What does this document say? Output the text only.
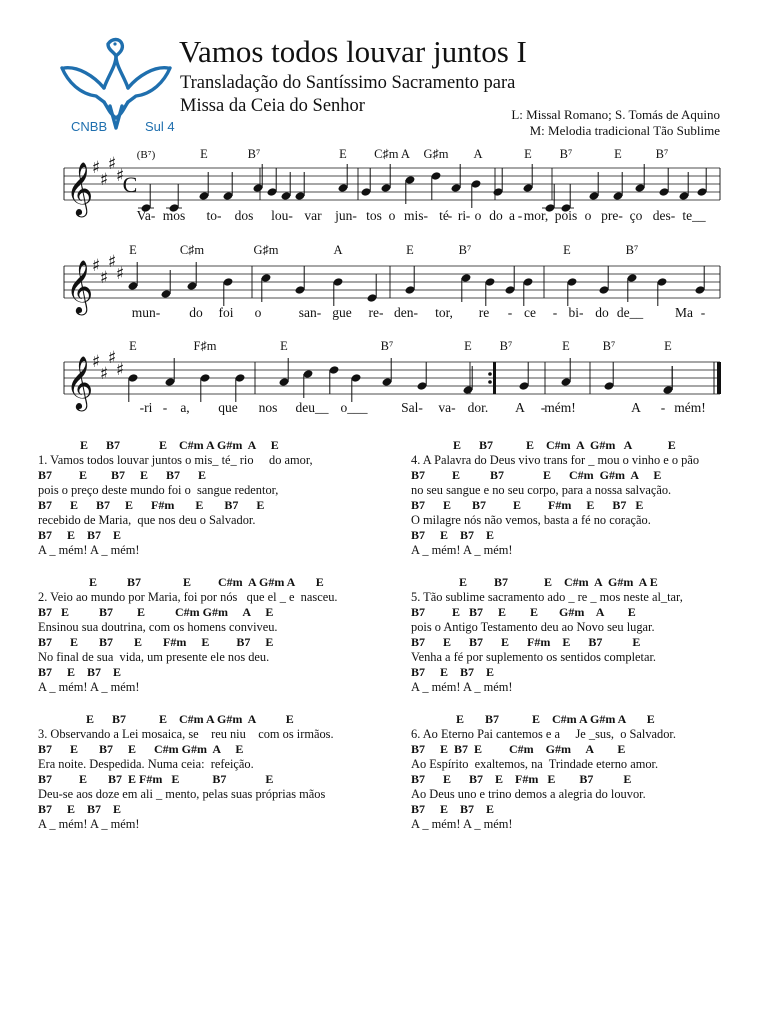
CNBB	Sul 4
Vamos todos louvar juntos I
Transladação do Santíssimo Sacramento para
Missa da Ceia do Senhor	L: Missal Romano; S. Tomás de Aquino
M: Melodia tradicional Tão Sublime
𝄞
♯
♯
♯
♯
C
(B⁷)	E	B⁷	E C♯m A G♯m A	E B⁷	E	B⁷
Va- mos to- dos lou- var jun- tos o mis- té
- ri - o do a - mor, pois o pre- ço des- te__
𝄞
♯
♯
♯
♯
E	C♯m	G♯m	A	E	B⁷	E	B⁷
mun- do foi o	san- gue re- den- tor, re - ce - bi- do de__ Ma -
𝄞
♯
♯
♯
♯
E	F♯m	E	B⁷	E B⁷	E	B⁷	E
-ri - a, que nos deu__ o___ Sal- va- dor. A - mém!	A - mém!
E      B7             E    C#m A G#m  A     E
1. Vamos todos louvar juntos o mis_ té_ rio     do amor,
B7         E        B7     E      B7      E
pois o preço deste mundo foi o  sangue redentor,
B7      E      B7     E      F#m       E       B7      E
recebido de Maria,  que nos deu o Salvador.
B7     E    B7    E
A _ mém! A _ mém!
E          B7              E         C#m  A G#m A       E
2. Veio ao mundo por Maria, foi por nós   que el _ e  nasceu.
B7   E          B7        E          C#m G#m     A     E
Ensinou sua doutrina, com os homens conviveu.
B7      E       B7       E       F#m     E         B7     E
No final de sua  vida, um presente ele nos deu.
B7     E    B7    E
A _ mém! A _ mém!
E      B7           E    C#m A G#m  A          E
3. Observando a Lei mosaica, se    reu niu    com os irmãos.
B7      E       B7     E      C#m G#m  A     E
Era noite. Despedida. Numa ceia:  refeição.
B7         E       B7  E F#m   E           B7             E
Deu-se aos doze em ali _ mento, pelas suas próprias mãos
B7     E    B7    E
A _ mém! A _ mém!
E      B7           E    C#m  A  G#m   A            E
4. A Palavra do Deus vivo trans for _ mou o vinho e o pão
B7         E          B7             E      C#m  G#m  A     E
no seu sangue e no seu corpo, para a nossa salvação.
B7      E       B7         E         F#m     E      B7   E
O milagre nós não vemos, basta a fé no coração.
B7     E    B7    E
A _ mém! A _ mém!
E         B7            E    C#m  A  G#m  A E
5. Tão sublime sacramento ado _ re _ mos neste al_tar,
B7         E   B7     E        E       G#m    A        E
pois o Antigo Testamento deu ao Novo seu lugar.
B7      E      B7      E      F#m    E      B7          E
Venha a fé por suplemento os sentidos completar.
B7     E    B7    E
A _ mém! A _ mém!
E       B7           E    C#m A G#m A       E
6. Ao Eterno Pai cantemos e a     Je _sus,  o Salvador.
B7     E  B7  E         C#m    G#m     A        E
Ao Espírito  exaltemos, na  Trindade eterno amor.
B7      E      B7    E    F#m   E        B7          E
Ao Deus uno e trino demos a alegria do louvor.
B7     E    B7    E
A _ mém! A _ mém!
